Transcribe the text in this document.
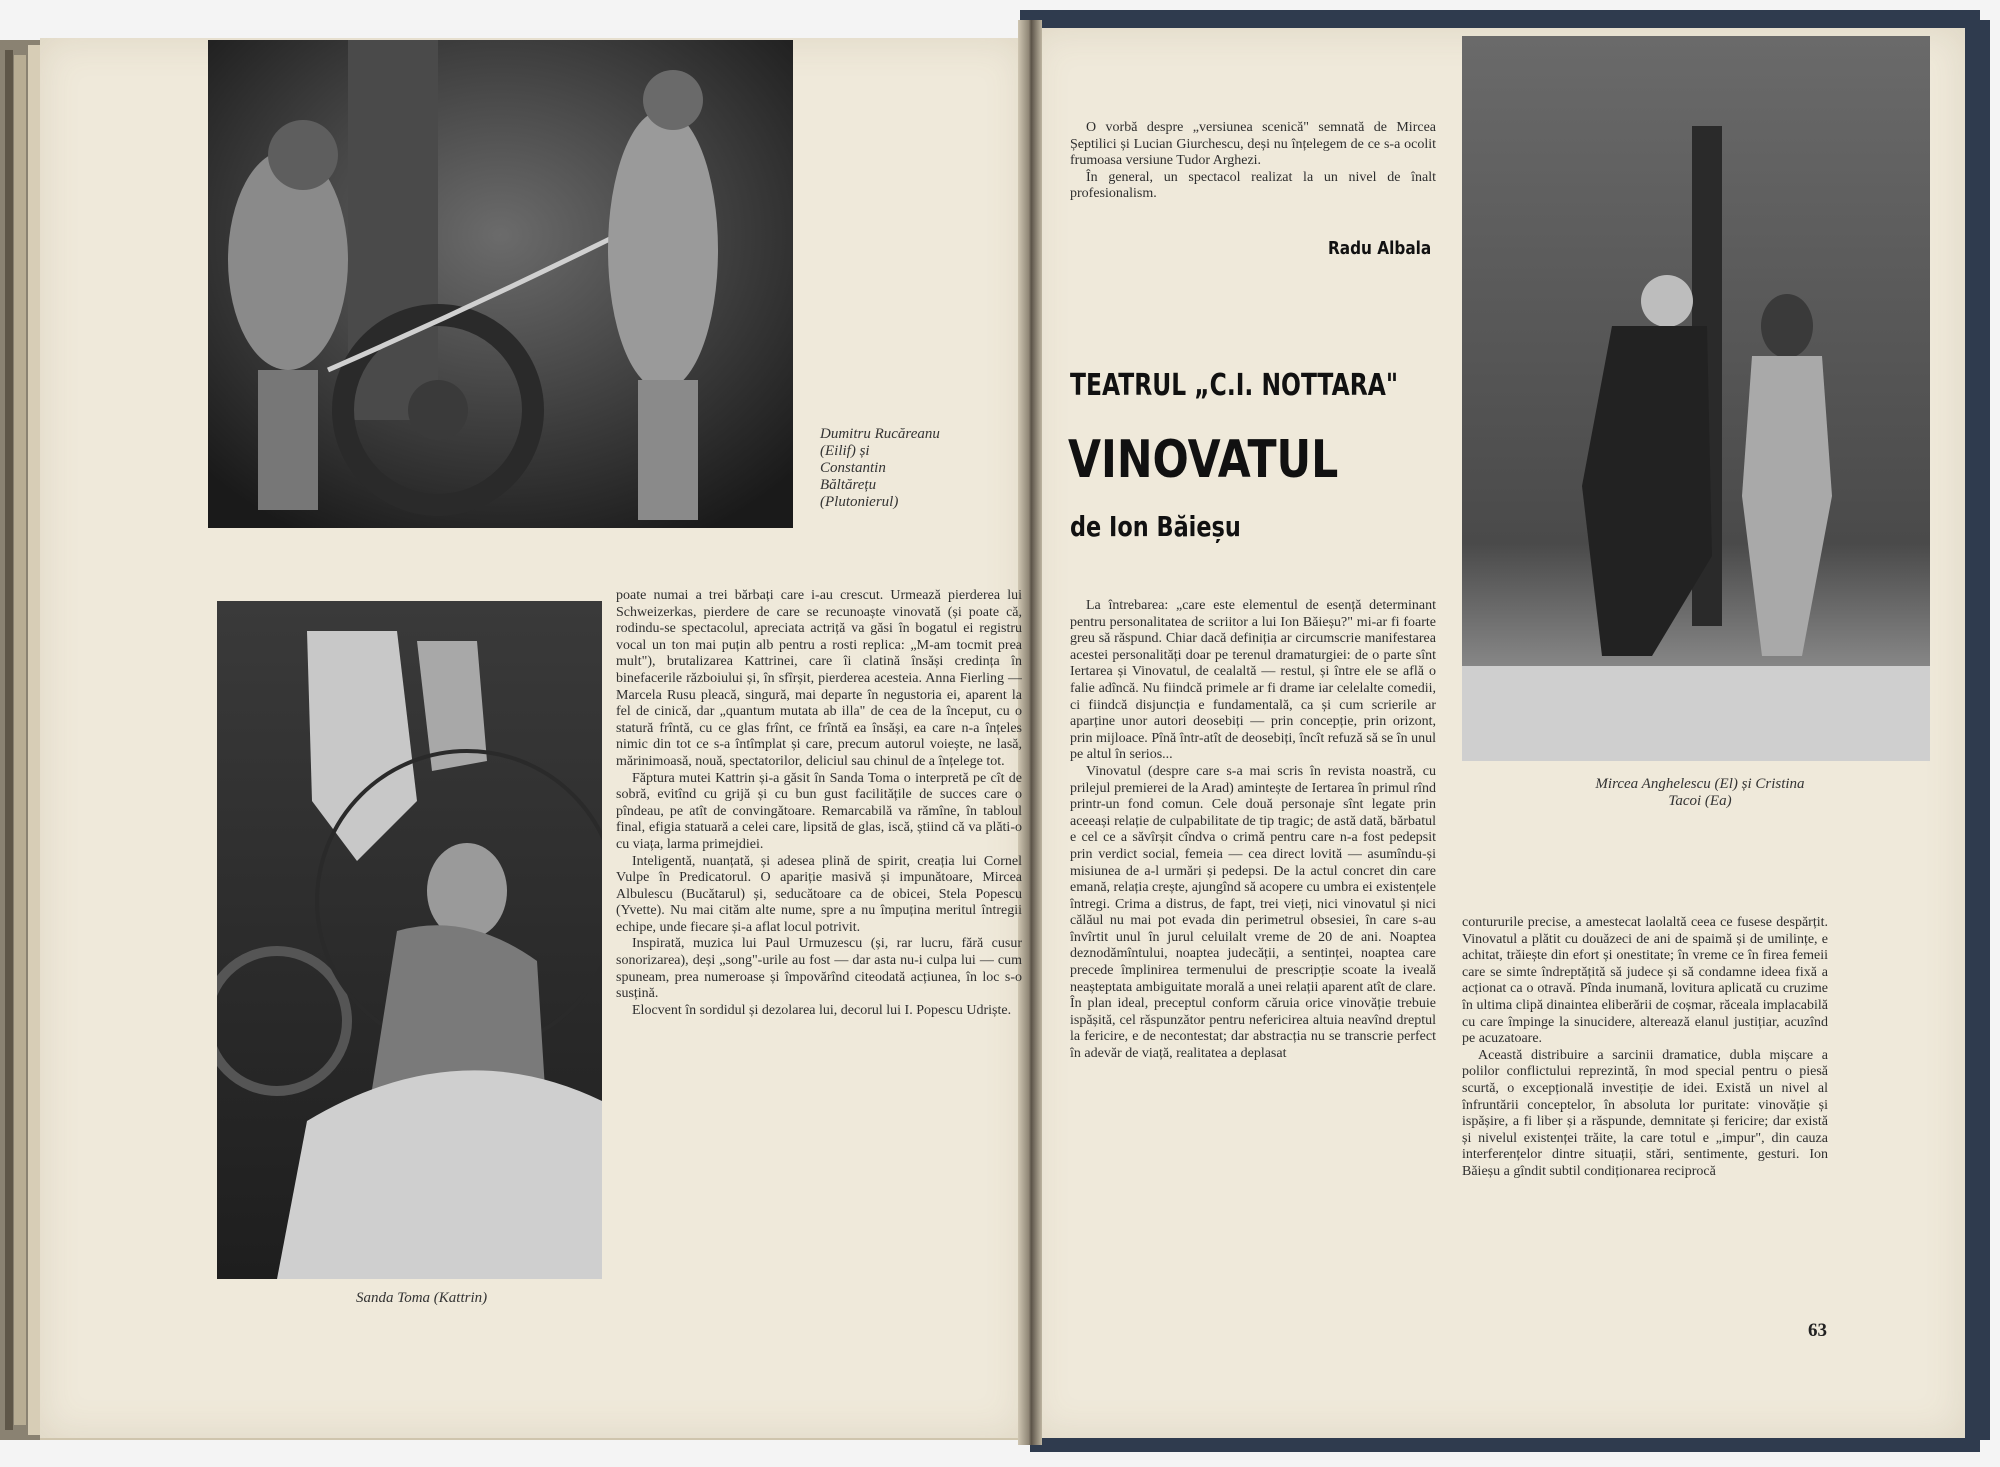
Dumitru Rucăreanu
(Eilif) și
Constantin
Băltărețu
(Plutonierul)
Sanda Toma (Kattrin)

poate numai a trei bărbați care i-au crescut. Urmează pierderea lui Schweizerkas, pierdere de care se recunoaște vinovată (și poate că, rodindu-se spectacolul, apreciata actriță va găsi în bogatul ei registru vocal un ton mai puțin alb pentru a rosti replica: „M-am tocmit prea mult"), brutalizarea Kattrinei, care îi clatină însăși credința în binefacerile războiului și, în sfîrșit, pierderea acesteia. Anna Fierling — Marcela Rusu pleacă, singură, mai departe în negustoria ei, aparent la fel de cinică, dar „quantum mutata ab illa" de cea de la început, cu o statură frîntă, cu ce glas frînt, ce frîntă ea însăși, ea care n-a înțeles nimic din tot ce s-a întîmplat și care, precum autorul voiește, ne lasă, mărinimoasă, nouă, spectatorilor, deliciul sau chinul de a înțelege tot.

Făptura mutei Kattrin și-a găsit în Sanda Toma o interpretă pe cît de sobră, evitînd cu grijă și cu bun gust facilitățile de succes care o pîndeau, pe atît de convingătoare. Remarcabilă va rămîne, în tabloul final, efigia statuară a celei care, lipsită de glas, iscă, știind că va plăti-o cu viața, larma primejdiei.

Inteligentă, nuanțată, și adesea plină de spirit, creația lui Cornel Vulpe în Predicatorul. O apariție masivă și impunătoare, Mircea Albulescu (Bucătarul) și, seducătoare ca de obicei, Stela Popescu (Yvette). Nu mai cităm alte nume, spre a nu împuțina meritul întregii echipe, unde fiecare și-a aflat locul potrivit.

Inspirată, muzica lui Paul Urmuzescu (și, rar lucru, fără cusur sonorizarea), deși „song"-urile au fost — dar asta nu-i culpa lui — cum spuneam, prea numeroase și împovărînd citeodată acțiunea, în loc s-o susțină.

Elocvent în sordidul și dezolarea lui, decorul lui I. Popescu Udriște.

O vorbă despre „versiunea scenică" semnată de Mircea Șeptilici și Lucian Giurchescu, deși nu înțelegem de ce s-a ocolit frumoasa versiune Tudor Arghezi.

În general, un spectacol realizat la un nivel de înalt profesionalism.

Radu Albala
TEATRUL „C.I. NOTTARA"
VINOVATUL
de Ion Băieșu
Mircea Anghelescu (El) și Cristina
Tacoi (Ea)

La întrebarea: „care este elementul de esență determinant pentru personalitatea de scriitor a lui Ion Băieșu?" mi-ar fi foarte greu să răspund. Chiar dacă definiția ar circumscrie manifestarea acestei personalități doar pe terenul dramaturgiei: de o parte sînt Iertarea și Vinovatul, de cealaltă — restul, și între ele se află o falie adîncă. Nu fiindcă primele ar fi drame iar celelalte comedii, ci fiindcă disjuncția e fundamentală, ca și cum scrierile ar aparține unor autori deosebiți — prin concepție, prin orizont, prin mijloace. Pînă într-atît de deosebiți, încît refuză să se în unul pe altul în serios...

Vinovatul (despre care s-a mai scris în revista noastră, cu prilejul premierei de la Arad) amintește de Iertarea în primul rînd printr-un fond comun. Cele două personaje sînt legate prin aceeași relație de culpabilitate de tip tragic; de astă dată, bărbatul e cel ce a săvîrșit cîndva o crimă pentru care n-a fost pedepsit prin verdict social, femeia — cea direct lovită — asumîndu-și misiunea de a-l urmări și pedepsi. De la actul concret din care emană, relația crește, ajungînd să acopere cu umbra ei existențele întregi. Crima a distrus, de fapt, trei vieți, nici vinovatul și nici călăul nu mai pot evada din perimetrul obsesiei, în care s-au învîrtit unul în jurul celuilalt vreme de 20 de ani. Noaptea deznodămîntului, noaptea judecății, a sentinței, noaptea care precede împlinirea termenului de prescripție scoate la iveală neașteptata ambiguitate morală a unei relații aparent atît de clare. În plan ideal, preceptul conform căruia orice vinovăție trebuie ispășită, cel răspunzător pentru nefericirea altuia neavînd dreptul la fericire, e de necontestat; dar abstracția nu se transcrie perfect în adevăr de viață, realitatea a deplasat

contururile precise, a amestecat laolaltă ceea ce fusese despărțit. Vinovatul a plătit cu douăzeci de ani de spaimă și de umilințe, e achitat, trăiește din efort și onestitate; în vreme ce în firea femeii care se simte îndreptățită să judece și să condamne ideea fixă a acționat ca o otravă. Pînda inumană, lovitura aplicată cu cruzime în ultima clipă dinaintea eliberării de coșmar, răceala implacabilă cu care împinge la sinucidere, alterează elanul justițiar, acuzînd pe acuzatoare.

Această distribuire a sarcinii dramatice, dubla mișcare a polilor conflictului reprezintă, în mod special pentru o piesă scurtă, o excepțională investiție de idei. Există un nivel al înfruntării conceptelor, în absoluta lor puritate: vinovăție și ispășire, a fi liber și a răspunde, demnitate și fericire; dar există și nivelul existenței trăite, la care totul e „impur", din cauza interferențelor dintre situații, stări, sentimente, gesturi. Ion Băieșu a gîndit subtil condiționarea reciprocă

63
